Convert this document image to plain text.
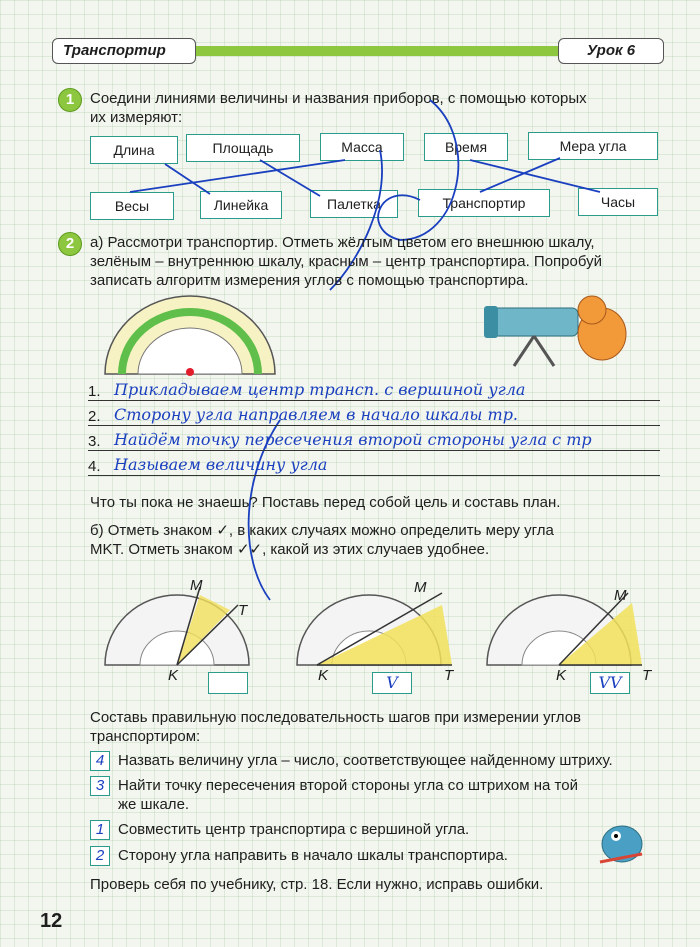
Транспортир	Урок 6
1	Соедини линиями величины и названия приборов, с помощью которых
их измеряют:
Длина	Площадь	Масса	Время	Мера угла
Весы	Линейка	Палетка	Транспортир	Часы
2	а) Рассмотри транспортир. Отметь жёлтым цветом его внешнюю шкалу,
зелёным – внутреннюю шкалу, красным – центр транспортира. Попробуй
записать алгоритм измерения углов с помощью транспортира.
1. Прикладываем центр трансп. с вершиной угла
2. Сторону угла направляем в начало шкалы тр.
3. Найдём точку пересечения второй стороны угла с тр
4. Называем величину угла
Что ты пока не знаешь? Поставь перед собой цель и составь план.
б) Отметь знаком ✓, в каких случаях можно определить меру угла
MKT. Отметь знаком ✓✓, какой из этих случаев удобнее.
M
T
K
M
K	T
M
K	T
V	VV
Составь правильную последовательность шагов при измерении углов
транспортиром:
4 Назвать величину угла – число, соответствующее найденному штриху.
3 Найти точку пересечения второй стороны угла со штрихом на той
же шкале.
1 Совместить центр транспортира с вершиной угла.
2 Сторону угла направить в начало шкалы транспортира.
Проверь себя по учебнику, стр. 18. Если нужно, исправь ошибки.
12
